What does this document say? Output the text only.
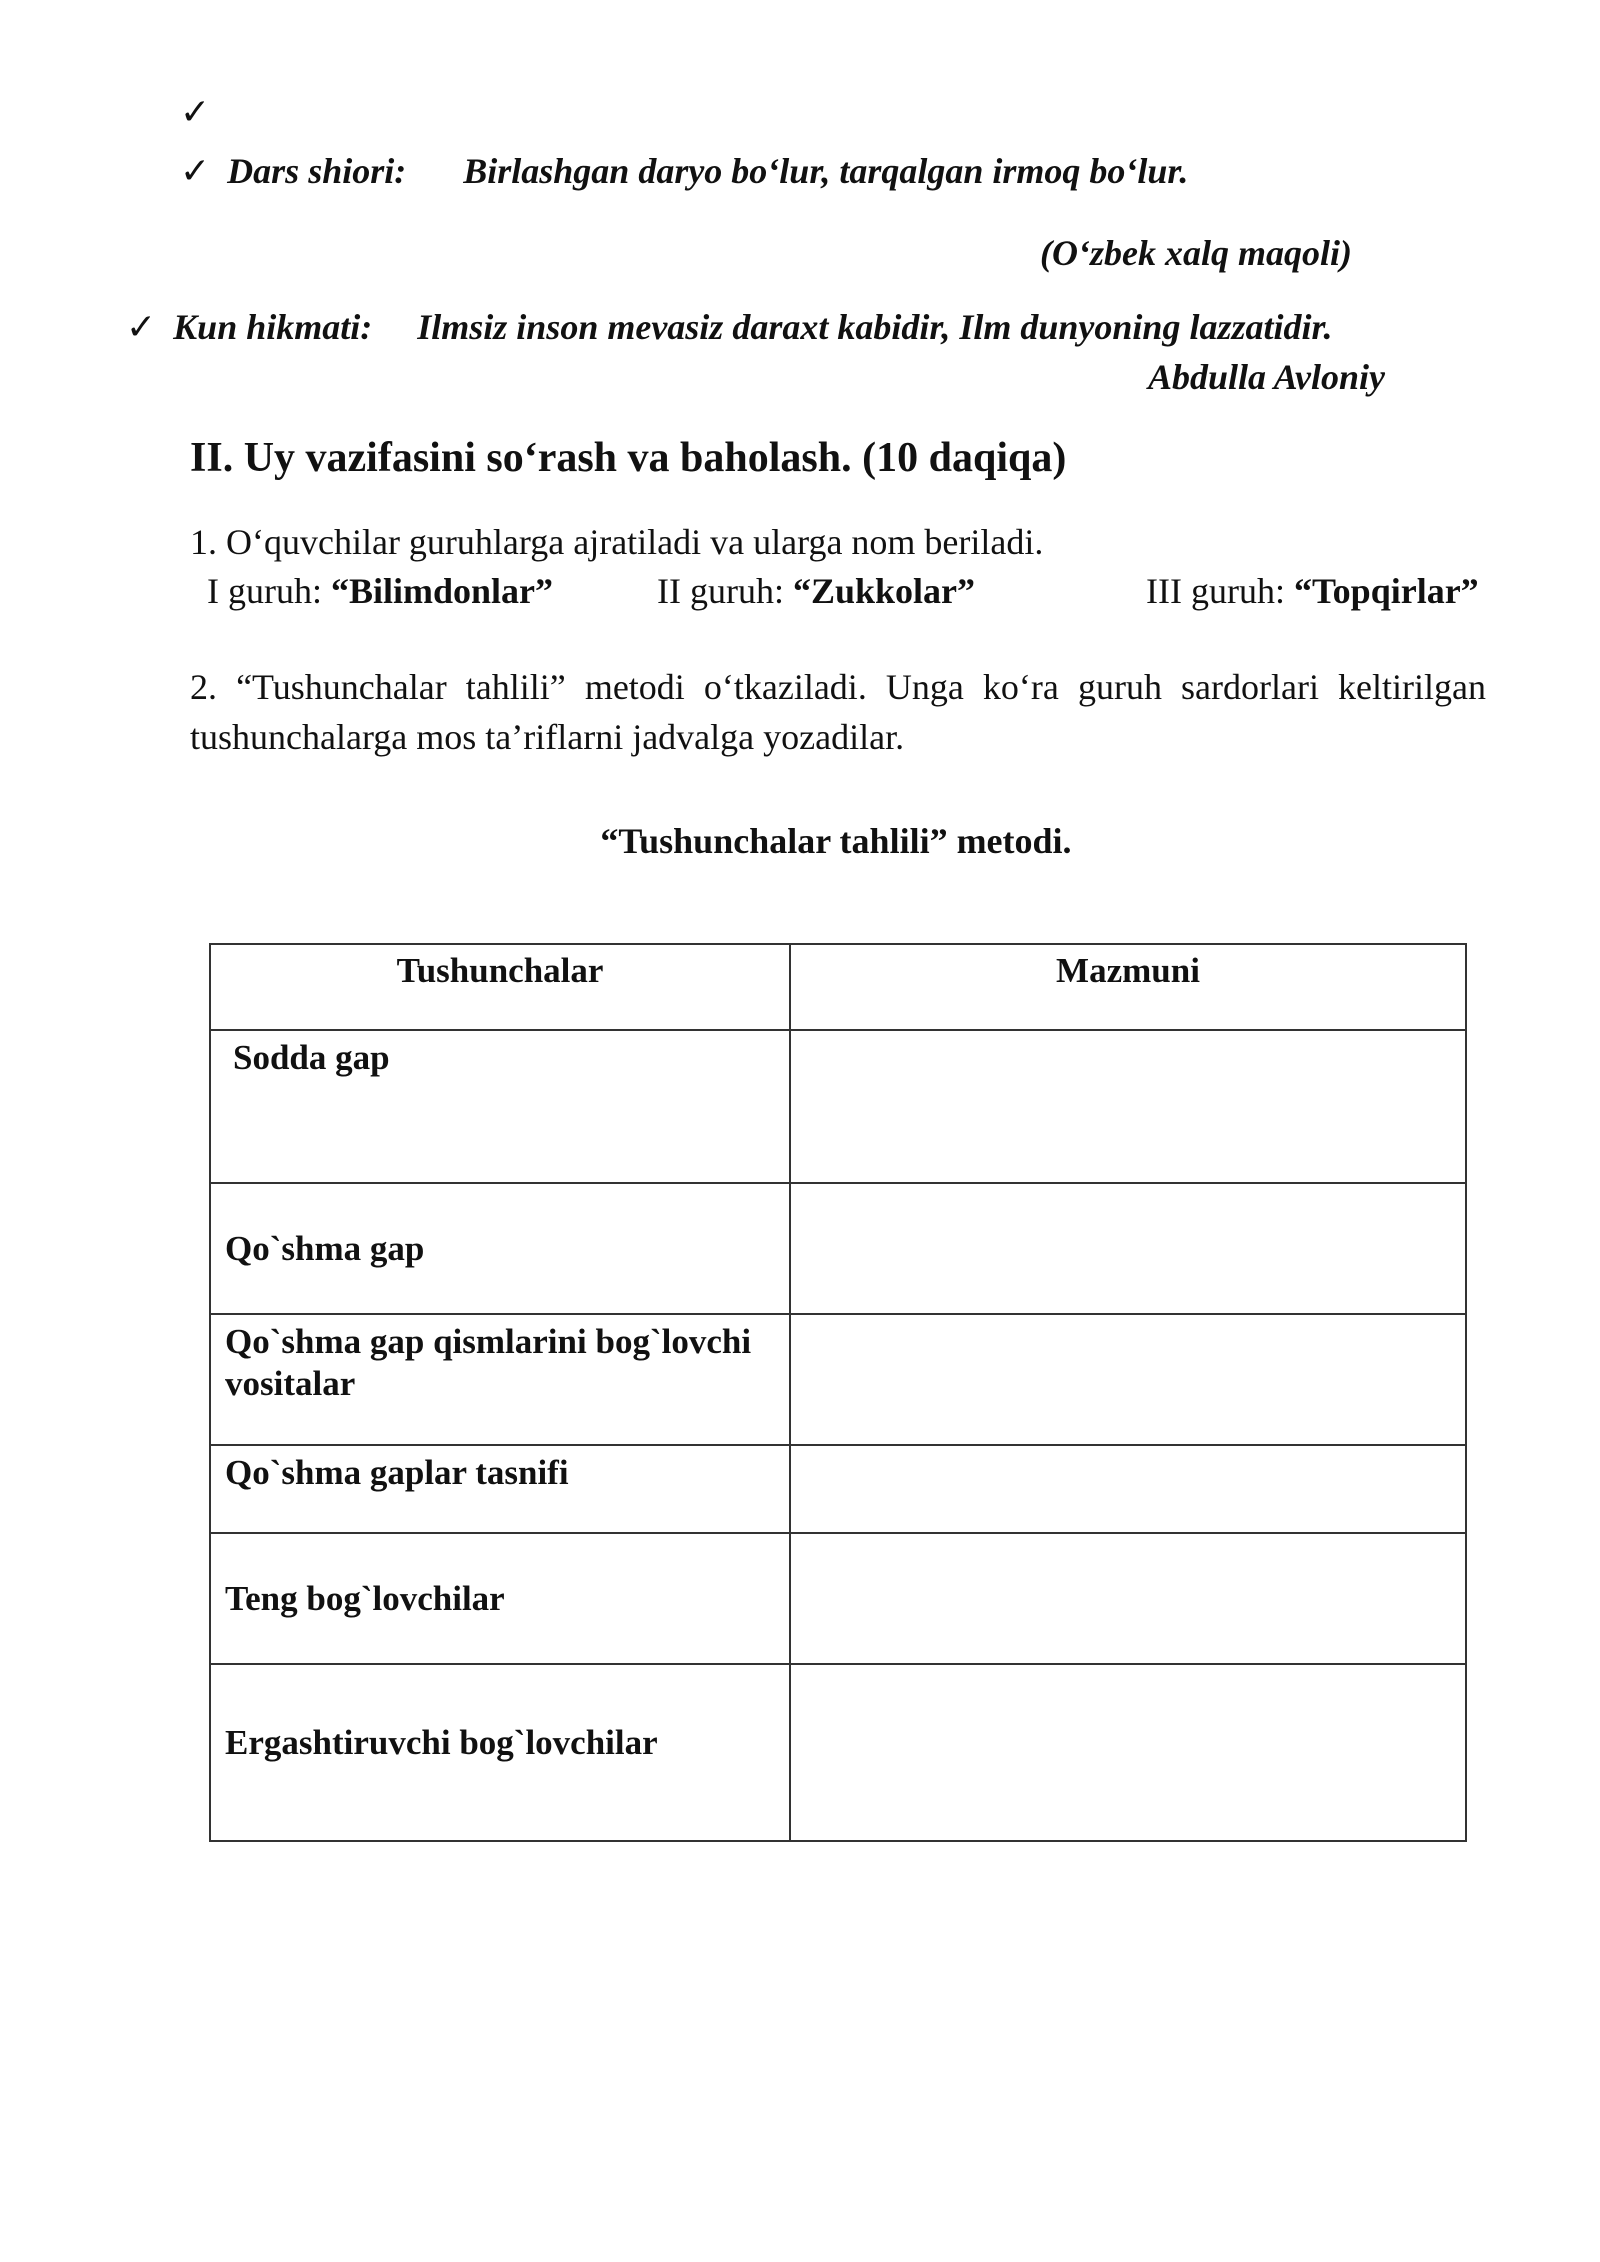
✓
✓ Dars shiori: Birlashgan daryo bo‘lur, tarqalgan irmoq bo‘lur.
(O‘zbek xalq maqoli)
✓ Kun hikmati: Ilmsiz inson mevasiz daraxt kabidir, Ilm dunyoning lazzatidir.
Abdulla Avloniy
II. Uy vazifasini so‘rash va baholash. (10 daqiqa)
1. O‘quvchilar guruhlarga ajratiladi va ularga nom beriladi.
I guruh: “Bilimdonlar”	II guruh: “Zukkolar”	III guruh: “Topqirlar”
2. “Tushunchalar tahlili” metodi o‘tkaziladi. Unga ko‘ra guruh sardorlari keltirilgan tushunchalarga mos ta’riflarni jadvalga yozadilar.
“Tushunchalar tahlili” metodi.
Tushunchalar	Mazmuni
Sodda gap	
Qo`shma gap	
Qo`shma gap qismlarini bog`lovchi vositalar	
Qo`shma gaplar tasnifi	
Teng bog`lovchilar	
Ergashtiruvchi bog`lovchilar	
